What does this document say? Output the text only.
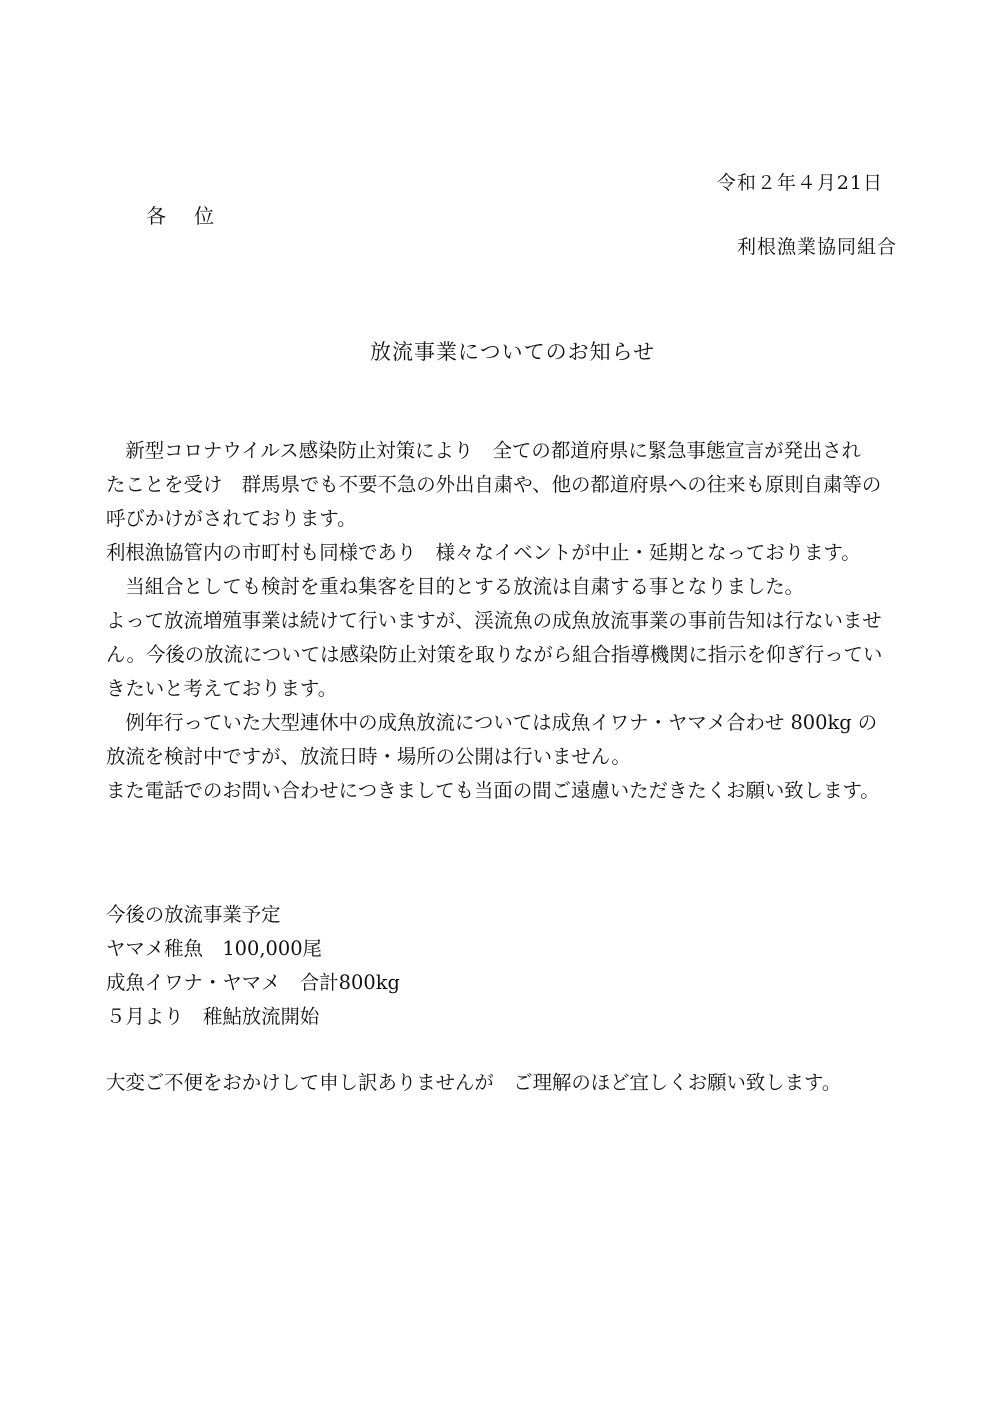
令和２年４月21日
各位
利根漁業協同組合
放流事業についてのお知らせ
　新型コロナウイルス感染防止対策により　全ての都道府県に緊急事態宣言が発出され
たことを受け　群馬県でも不要不急の外出自粛や、他の都道府県への往来も原則自粛等の
呼びかけがされております。
利根漁協管内の市町村も同様であり　様々なイベントが中止・延期となっております。
　当組合としても検討を重ね集客を目的とする放流は自粛する事となりました。
よって放流増殖事業は続けて行いますが、渓流魚の成魚放流事業の事前告知は行ないませ
ん。今後の放流については感染防止対策を取りながら組合指導機関に指示を仰ぎ行ってい
きたいと考えております。
　例年行っていた大型連休中の成魚放流については成魚イワナ・ヤマメ合わせ 800kg の
放流を検討中ですが、放流日時・場所の公開は行いません。
また電話でのお問い合わせにつきましても当面の間ご遠慮いただきたくお願い致します。
今後の放流事業予定
ヤマメ稚魚　100,000尾
成魚イワナ・ヤマメ　合計800kg
５月より　稚鮎放流開始
大変ご不便をおかけして申し訳ありませんが　ご理解のほど宜しくお願い致します。
